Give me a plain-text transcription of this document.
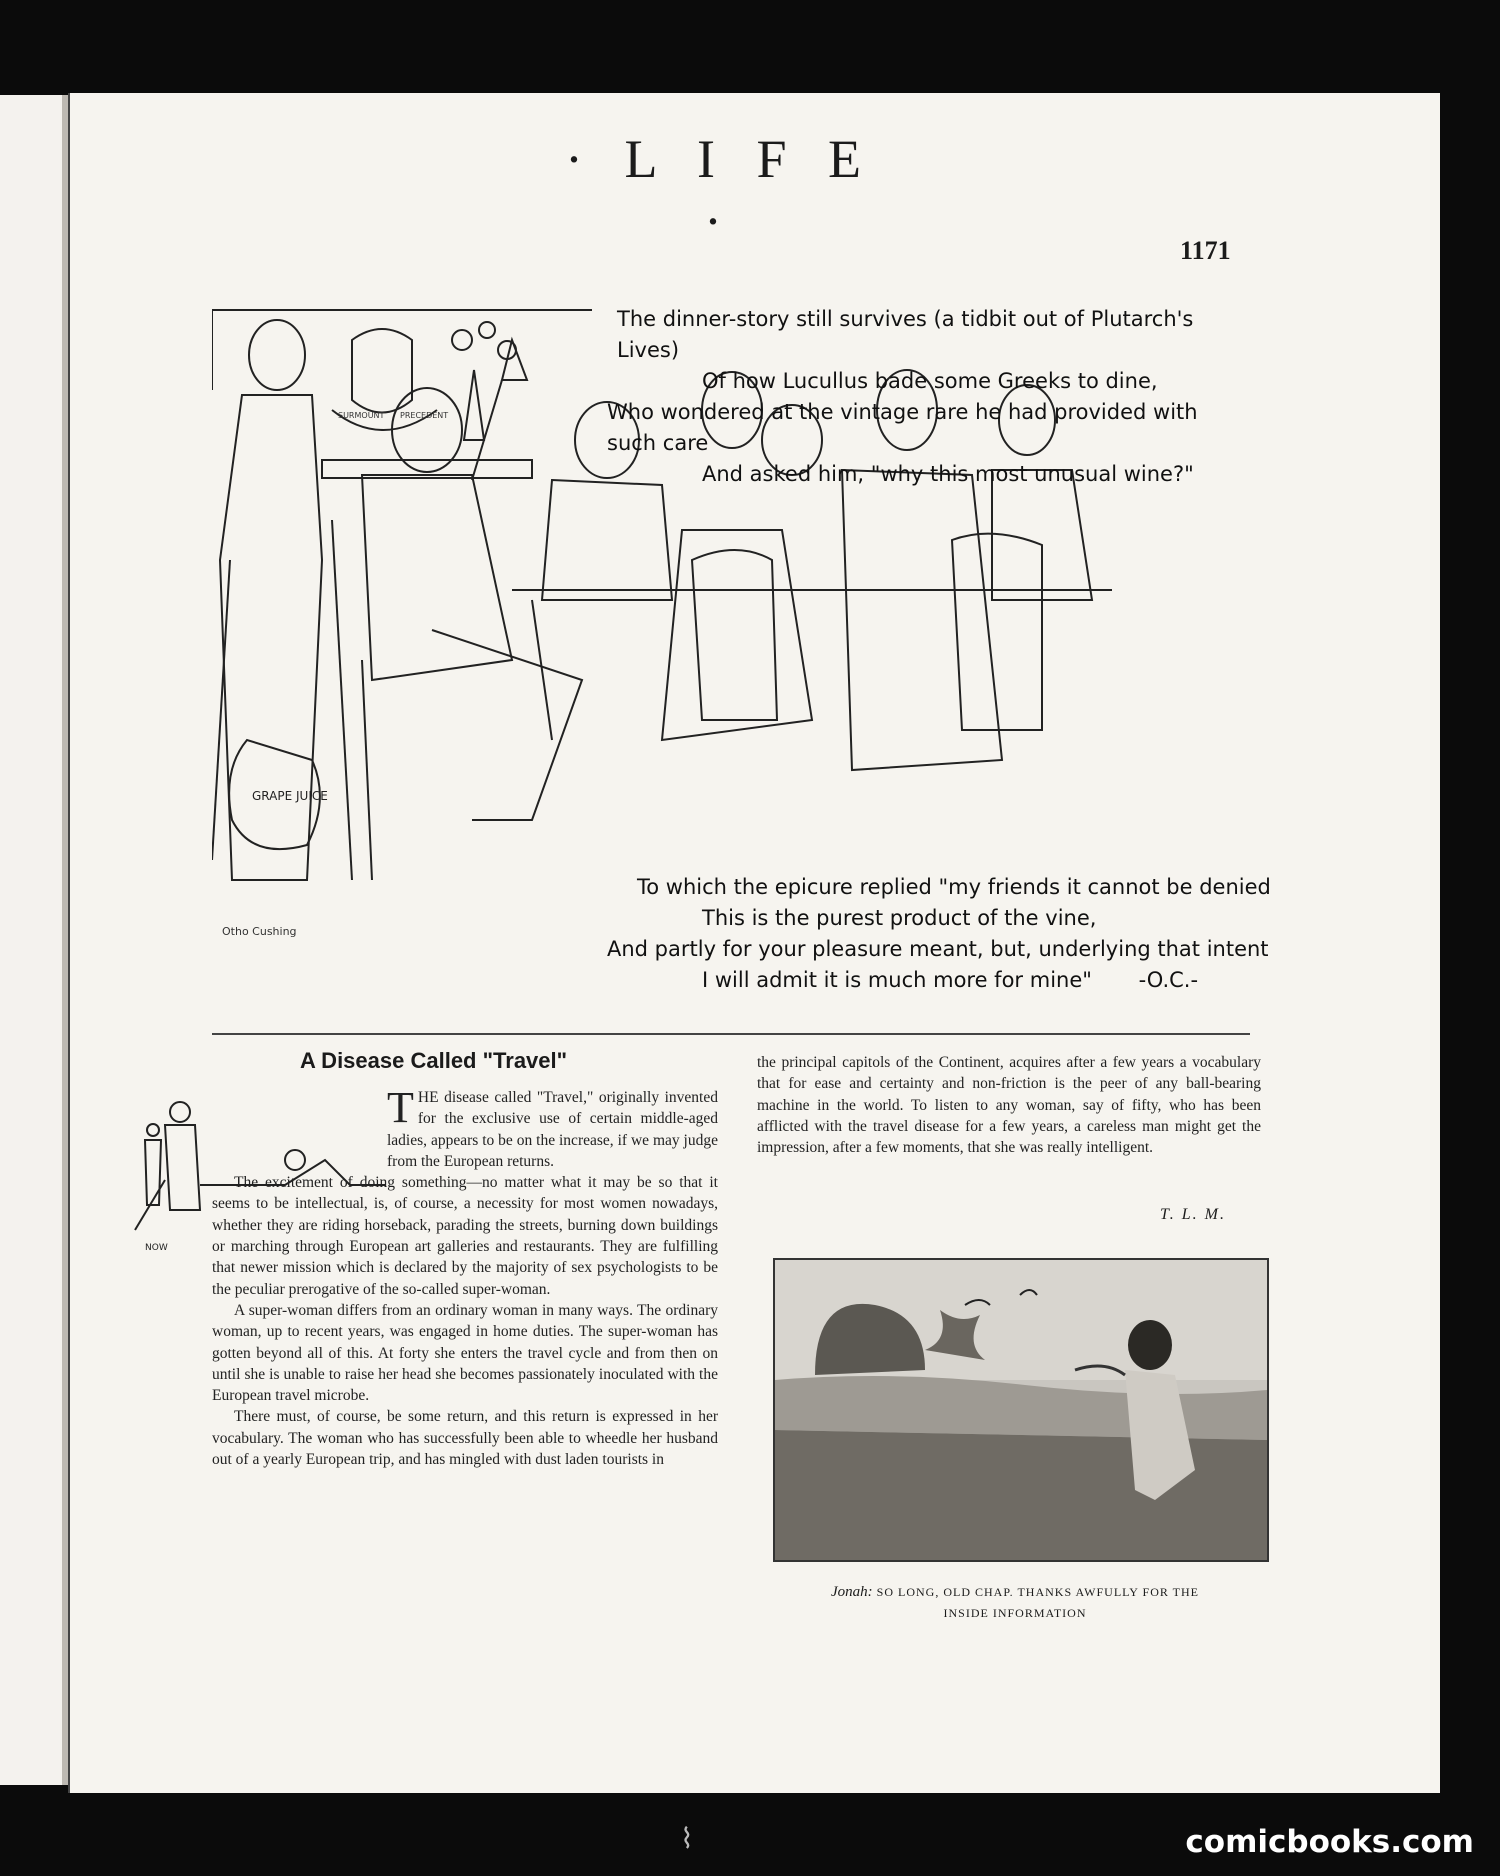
· L I F E ·	1171
Otho Cushing
SURMOUNT PRECEDENT
GRAPE JUICE
The dinner-story still survives (a tidbit out of Plutarch's Lives)
Of how Lucullus bade some Greeks to dine,
Who wondered at the vintage rare he had provided with such care
And asked him, "why this most unusual wine?"
To which the epicure replied "my friends it cannot be denied
This is the purest product of the vine,
And partly for your pleasure meant, but, underlying that intent
I will admit it is much more for mine" -O.C.-
A Disease Called "Travel"
NOW
T HE disease called "Travel," originally invented for the exclusive use of certain middle-aged ladies, appears to be on the increase, if we may judge from the European returns.

The excitement of doing something—no matter what it may be so that it seems to be intellectual, is, of course, a necessity for most women nowadays, whether they are riding horseback, parading the streets, burning down buildings or marching through European art galleries and restaurants. They are fulfilling that newer mission which is declared by the majority of sex psychologists to be the peculiar prerogative of the so-called super-woman.

A super-woman differs from an ordinary woman in many ways. The ordinary woman, up to recent years, was engaged in home duties. The super-woman has gotten beyond all of this. At forty she enters the travel cycle and from then on until she is unable to raise her head she becomes passionately inoculated with the European travel microbe.

There must, of course, be some return, and this return is expressed in her vocabulary. The woman who has successfully been able to wheedle her husband out of a yearly European trip, and has mingled with dust laden tourists in

the principal capitols of the Continent, acquires after a few years a vocabulary that for ease and certainty and non-friction is the peer of any ball-bearing machine in the world. To listen to any woman, say of fifty, who has been afflicted with the travel disease for a few years, a careless man might get the impression, after a few moments, that she was really intelligent.

T. L. M.
Jonah: SO LONG, OLD CHAP. THANKS AWFULLY FOR THE
INSIDE INFORMATION
⌇	comicbooks.com
